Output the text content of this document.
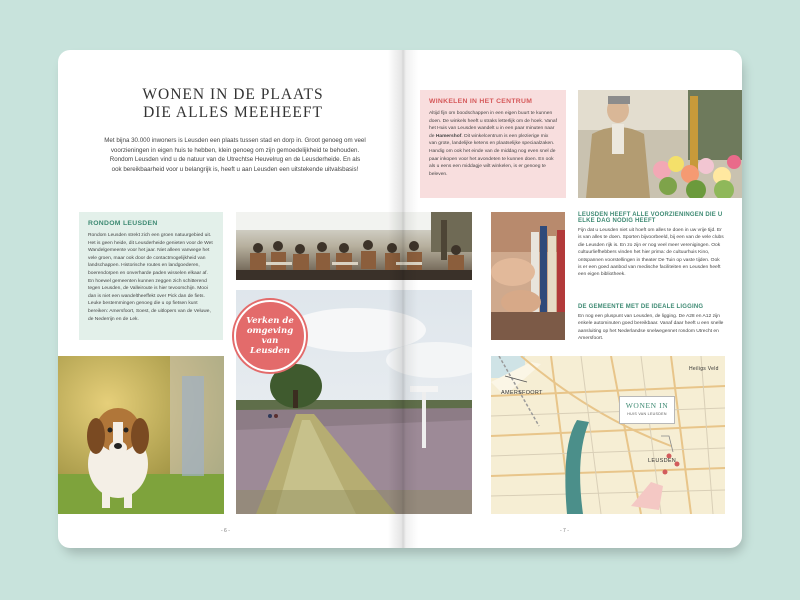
WONEN IN DE PLAATS
DIE ALLES MEEHEEFT
Met bijna 30.000 inwoners is Leusden een plaats tussen stad en dorp in. Groot genoeg om veel voorzieningen in eigen huis te hebben, klein genoeg om zijn gemoedelijkheid te behouden. Rondom Leusden vind u de natuur van de Utrechtse Heuvelrug en de Leusderheide. En als ook bereikbaarheid voor u belangrijk is, heeft u aan Leusden een uitstekende uitvalsbasis!
RONDOM LEUSDEN

Rondom Leusden strekt zich een groen natuurgebied uit. Het is geen heide, dit Leusderheide genieten voor de Wet Wandelgemeente voor het jaar. Niet alleen vanwege het vele groen, maar ook door de contactmogelijkheid van landschappen. Historische routes en landgoederen, boerendorpen en onverharde paden wisselen elkaar af. En hoewel gemeenten kunnen zeggen zich schitterend tegen Leusden, de Valleiroute is hier tevoorschijn. Mooi dan is niet een wandeltheeffekt over Pick dan de fiets. Leuke bestemmingen genoeg die u op fietsen kunt bereiken: Amersfoort, Soest, de uitlopers van de Veluwe, de Nederrijn en de Lek.	Verken de omgeving van Leusden
- 6 -
WINKELEN IN HET CENTRUM

Altijd fijn om boodschappen in een eigen buurt te kunnen doen. De winkels heeft u straks letterlijk om de hoek. Vanaf het Huis van Leusden wandelt u in een paar minuten naar de Hamershof. Dit winkelcentrum is een plezierige mix van grote, landelijke ketens en plaatselijke speciaalzaken. Handig om ook het einde van de middag nog even snel de paar inkopen voor het avondeten te kunnen doen. En ook als u eens een middagje wilt winkelen, is er genoeg te beleven.

LEUSDEN HEEFT ALLE VOORZIENINGEN DIE U ELKE DAG NODIG HEEFT

Fijn dat u Leusden niet uit hoeft om alles te doen in uw vrije tijd. Er is van alles te doen. Sporten bijvoorbeeld, bij een van de vele clubs die Leusden rijk is. En zo zijn er nog veel meer verenigingen. Ook cultuurliefhebbers vinden het hier prima: de cultuurhuis Kino, ontspannen voorstellingen in theater De Tuin op vaste tijden. Ook is er een goed aanbod van medische faciliteiten en Leusden heeft een eigen bibliotheek.

DE GEMEENTE MET DE IDEALE LIGGING

En nog een pluspunt van Leusden, de ligging. De A28 en A12 zijn enkele autominuten goed bereikbaar. Vanaf daar heeft u een snelle aansluiting op het Nederlandse snelwegennet rondom Utrecht en Amersfoort.

AMERSFOORT
LEUSDEN
Heiligs Veld
WONEN IN
HUIS VAN LEUSDEN
- 7 -
